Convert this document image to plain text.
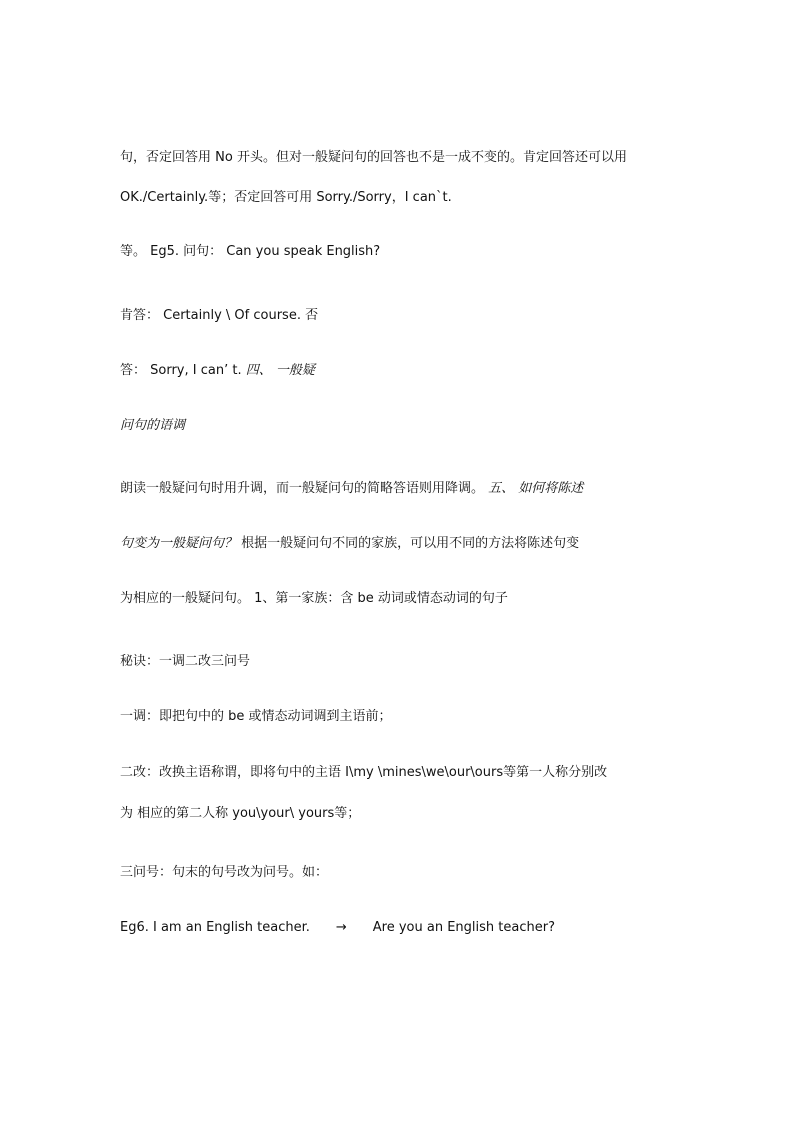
句，否定回答用 No 开头。但对一般疑问句的回答也不是一成不变的。肯定回答还可以用
OK./Certainly.等；否定回答可用 Sorry./Sorry，I can`t.
等。 Eg5. 问句： Can you speak English?
肯答： Certainly \ Of course. 否
答： Sorry, I can’ t. 四、 一般疑
问句的语调
朗读一般疑问句时用升调，而一般疑问句的简略答语则用降调。 五、 如何将陈述
句变为一般疑问句？ 根据一般疑问句不同的家族，可以用不同的方法将陈述句变
为相应的一般疑问句。 1、第一家族：含 be 动词或情态动词的句子
秘诀：一调二改三问号
一调：即把句中的 be 或情态动词调到主语前；
二改：改换主语称谓，即将句中的主语 I\my \mines\we\our\ours等第一人称分别改
为 相应的第二人称 you\your\ yours等；
三问号：句末的句号改为问号。如：
Eg6. I am an English teacher. → Are you an English teacher?
